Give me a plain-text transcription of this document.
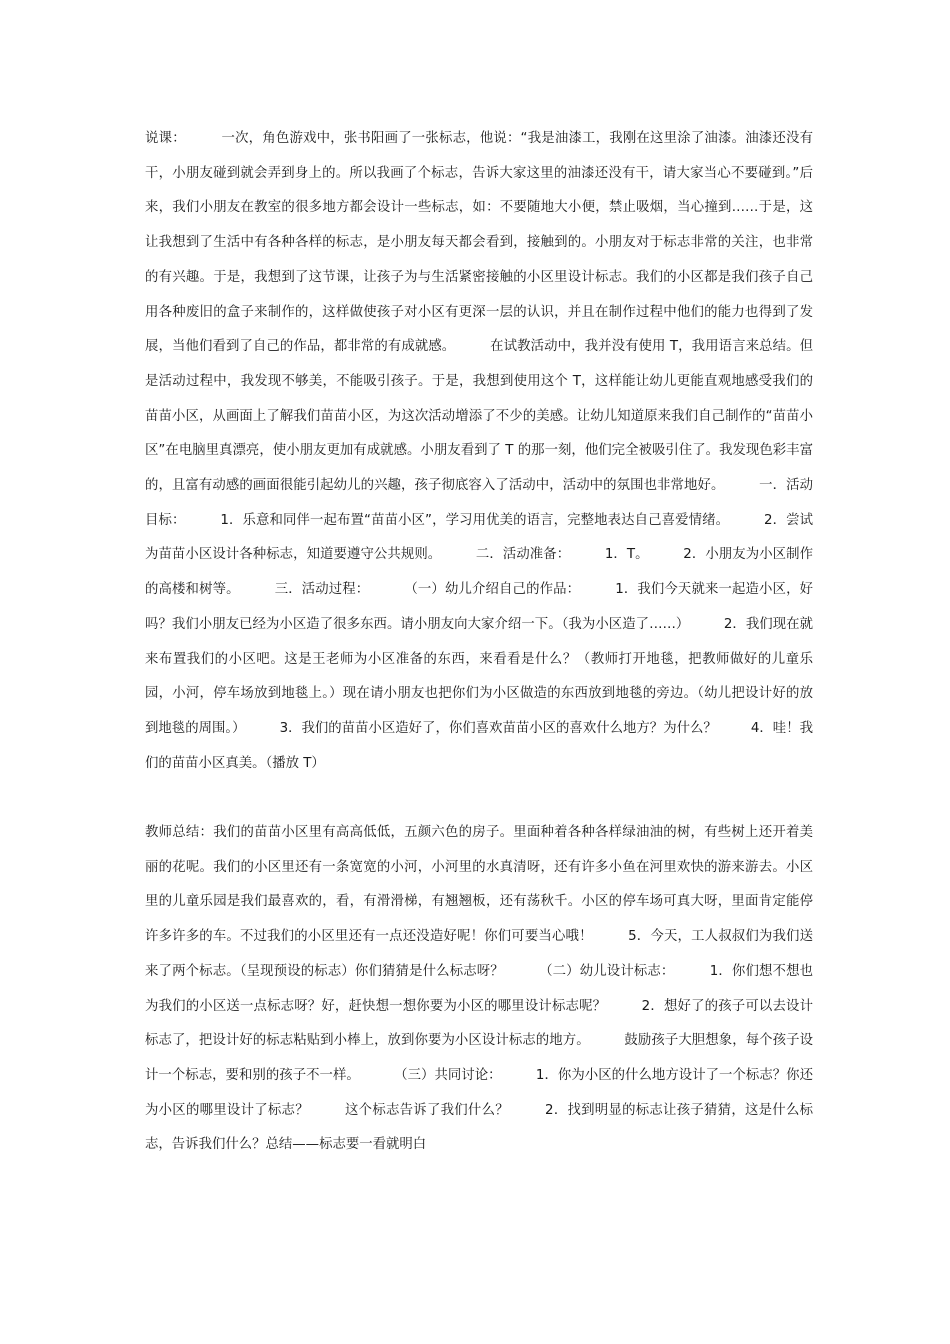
说课：        一次，角色游戏中，张书阳画了一张标志，他说：“我是油漆工，我刚在这里涂了油漆。油漆还没有干，小朋友碰到就会弄到身上的。所以我画了个标志，告诉大家这里的油漆还没有干，请大家当心不要碰到。”后来，我们小朋友在教室的很多地方都会设计一些标志，如：不要随地大小便，禁止吸烟，当心撞到……于是，这让我想到了生活中有各种各样的标志，是小朋友每天都会看到，接触到的。小朋友对于标志非常的关注，也非常的有兴趣。于是，我想到了这节课，让孩子为与生活紧密接触的小区里设计标志。我们的小区都是我们孩子自己用各种废旧的盒子来制作的，这样做使孩子对小区有更深一层的认识，并且在制作过程中他们的能力也得到了发展，当他们看到了自己的作品，都非常的有成就感。        在试教活动中，我并没有使用 T，我用语言来总结。但是活动过程中，我发现不够美，不能吸引孩子。于是，我想到使用这个 T，这样能让幼儿更能直观地感受我们的苗苗小区，从画面上了解我们苗苗小区，为这次活动增添了不少的美感。让幼儿知道原来我们自己制作的“苗苗小区”在电脑里真漂亮，使小朋友更加有成就感。小朋友看到了 T 的那一刻，他们完全被吸引住了。我发现色彩丰富的，且富有动感的画面很能引起幼儿的兴趣，孩子彻底容入了活动中，活动中的氛围也非常地好。        一．活动目标：        1．乐意和同伴一起布置“苗苗小区”，学习用优美的语言，完整地表达自己喜爱情绪。        2．尝试为苗苗小区设计各种标志，知道要遵守公共规则。        二．活动准备：        1．T。        2．小朋友为小区制作的高楼和树等。        三．活动过程：        （一）幼儿介绍自己的作品：        1．我们今天就来一起造小区，好吗？我们小朋友已经为小区造了很多东西。请小朋友向大家介绍一下。（我为小区造了……）        2．我们现在就来布置我们的小区吧。这是王老师为小区准备的东西，来看看是什么？（教师打开地毯，把教师做好的儿童乐园，小河，停车场放到地毯上。）现在请小朋友也把你们为小区做造的东西放到地毯的旁边。（幼儿把设计好的放到地毯的周围。）        3．我们的苗苗小区造好了，你们喜欢苗苗小区的喜欢什么地方？为什么？        4．哇！我们的苗苗小区真美。（播放 T）

教师总结：我们的苗苗小区里有高高低低，五颜六色的房子。里面种着各种各样绿油油的树，有些树上还开着美丽的花呢。我们的小区里还有一条宽宽的小河，小河里的水真清呀，还有许多小鱼在河里欢快的游来游去。小区里的儿童乐园是我们最喜欢的，看，有滑滑梯，有翘翘板，还有荡秋千。小区的停车场可真大呀，里面肯定能停许多许多的车。不过我们的小区里还有一点还没造好呢！你们可要当心哦！        5．今天，工人叔叔们为我们送来了两个标志。（呈现预设的标志）你们猜猜是什么标志呀？        （二）幼儿设计标志：        1．你们想不想也为我们的小区送一点标志呀？好，赶快想一想你要为小区的哪里设计标志呢？        2．想好了的孩子可以去设计标志了，把设计好的标志粘贴到小棒上，放到你要为小区设计标志的地方。        鼓励孩子大胆想象，每个孩子设计一个标志，要和别的孩子不一样。        （三）共同讨论：        1．你为小区的什么地方设计了一个标志？你还为小区的哪里设计了标志？        这个标志告诉了我们什么？        2．找到明显的标志让孩子猜猜，这是什么标志，告诉我们什么？总结——标志要一看就明白
